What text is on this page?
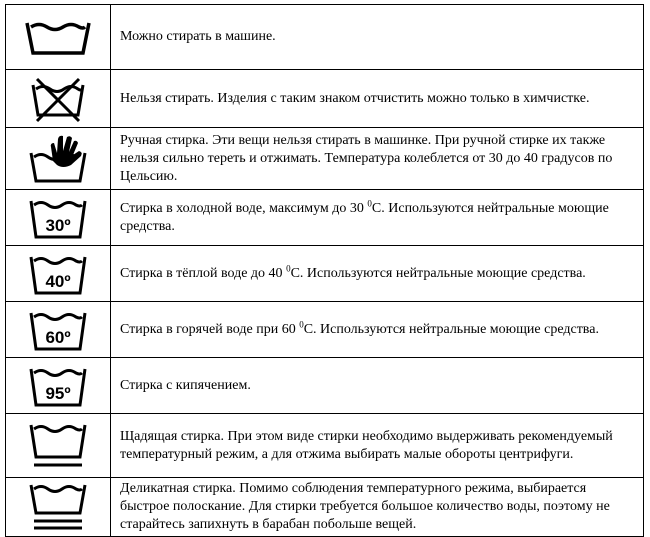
	Можно стирать в машине.

	Нельзя стирать. Изделия с таким знаком отчистить можно только в химчистке.

	Ручная стирка. Эти вещи нельзя стирать в машинке. При ручной стирке их также нельзя сильно тереть и отжимать. Температура колеблется от 30 до 40 градусов по Цельсию.

30º	Стирка в холодной воде, максимум до 30 $^0$С. Используются нейтральные моющие средства.

40º	Стирка в тёплой воде до 40 $^0$С. Используются нейтральные моющие средства.

60º	Стирка в горячей воде при 60 $^0$С. Используются нейтральные моющие средства.

95º	Стирка с кипячением.

	Щадящая стирка. При этом виде стирки необходимо выдерживать рекомендуемый температурный режим, а для отжима выбирать малые обороты центрифуги.

	Деликатная стирка. Помимо соблюдения температурного режима, выбирается быстрое полоскание. Для стирки требуется большое количество воды, поэтому не старайтесь запихнуть в барабан побольше вещей.
